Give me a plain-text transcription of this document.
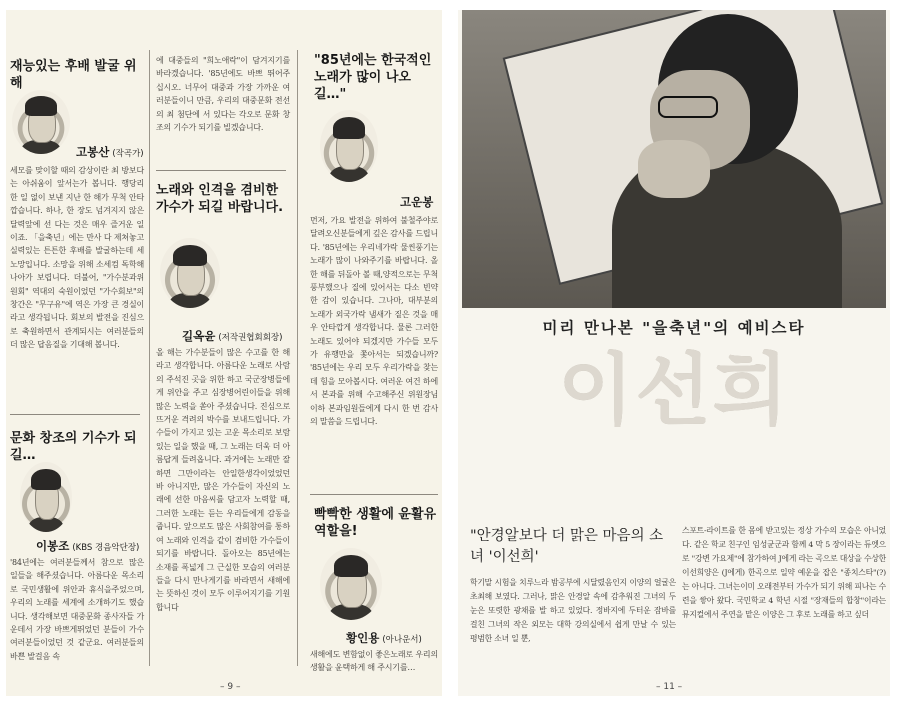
재능있는 후배 발굴 위해
고봉산 (작곡가)
세모를 맞이할 때의 감상이란 최 방보다는 아쉬움이 앞서는가 봅니다. 행당리 한 일 없이 보낸 지난 한 해가 무척 안타깝습니다. 하나, 한 장도 넘겨지지 않은 달력앞에 선 다는 것은 매우 즐거운 일이죠. 「을축년」에는 만사 다 제쳐놓고 실력있는 튼튼한 후배를 발굴하는데 세노망입니다. 소망을 위해 소세컴 독학해 나아가 보렵니다. 더불어, "가수분과위원회" 역대의 숙원이었던 "가수회보"의 창간은 "무구유"에 역은 가장 큰 경실이라고 생각됩니다. 회보의 발전을 진심으로 축원하면서 관계되시는 여러분들의 더 많은 답음질을 기대해 봅니다.
문화 창조의 기수가 되길…
이봉조 (KBS 경음악단장)
'84년에는 여러분들께서 참으로 많은 일들을 해주셨습니다. 아름다운 목소리로 국민생활에 위안과 휴식을주었으며, 우리의 노래를 세계에 소개하기도 했습니다. 생각해보면 대중문화 종사자들 가운데서 가장 바쁘게뛰었던 분들이 가수 여러분들이었던 것 같군요. 여러분들의 바쁜 발걸음 속
에 대중들의 "희노애락"이 담겨지기를 바라겠습니다. '85년에도 바쁘 뛰어주십시오. 너무어 대중과 가장 가까운 여러분들이니 만큼, 우리의 대중문화 전선의 최 첨단에 서 있다는 각오로 문화 창조의 기수가 되기를 빌겠습니다.
노래와 인격을 겸비한 가수가 되길 바랍니다.
길옥윤 (저작권협회회장)
올 해는 가수분들이 많은 수고를 한 해라고 생각합니다. 아름다운 노래로 사람의 주석진 곳을 위한 하고 국군장병들에게 위안을 주고 심장병어린이들을 위해 많은 노력을 쏟아 주셨습니다. 진심으로 뜨거운 격려의 박수를 보내드립니다. 가수들이 가지고 있는 고운 목소리로 보람있는 일을 했을 때, 그 노래는 더욱 더 아름답게 들려옵니다. 과거에는 노래만 잘 하면 그만이라는 안일한생각이었었던 바 아니지만, 많은 가수들이 자신의 노래에 선한 마음씨를 담고자 노력할 때, 그러한 노래는 듣는 우리들에게 감동을 줍니다. 앞으로도 많은 사회참여를 통하여 노래와 인격을 같이 겸비한 가수들이 되기를 바랍니다. 돌아오는 85년에는 소재를 폭넓게 그 근실한 모습의 여러분들을 다시 만나게기를 바라면서 새해에는 뜻하신 것이 모두 이루어지기를 기원합니다
"85년에는 한국적인 노래가 많이 나오길…"
고운봉
먼저, 가요 발전을 위하여 불철주야로 달려오신분들에게 깊은 감사를 드립니다. '85년에는 우리네가락 물씬풍기는 노래가 많이 나와주기를 바랍니다. 올 한 해를 뒤돌아 볼 때,양적으로는 무척 풍부했으나 질에 있어서는 다소 빈약한 감이 있습니다. 그나마, 대부분의 노래가 외국가락 냄새가 짙은 것을 매우 안타깝게 생각합니다. 물론 그러한 노래도 있어야 되겠지만 가수들 모두가 유행만을 쫓아서는 되겠습니까? '85년에는 우리 모두 우리가락을 찾는데 힘을 모아봅시다. 여러운 여건 하에서 본과를 위해 수고해주신 위원장님 이하 본과임원들에게 다시 한 번 감사의 말씀을 드립니다.
빡빡한 생활에 윤활유 역할을!
황인용 (아나운서)
새해에도 변함없이 좋은노래로 우리의 생활을 윤택하게 해 주시기를…
– 9 –
미리 만나본 "을축년"의 예비스타
이선희
"안경알보다 더 맑은 마음의 소녀 '이선희'
학기말 시험을 치루느라 밤공부에 시달렸음인지 이양의 얼굴은 초최해 보였다. 그러나, 맑은 안경알 속에 감추워진 그녀의 두눈은 또렷한 광채를 발 하고 있었다. 정바지에 두터운 잠바를 걸친 그녀의 작은 외모는 대학 강의실에서 쉽게 만날 수 있는 평범한 소녀 일 뿐,
스포트-라이트를 한 몸에 받고있는 정상 가수의 모습은 아니었다. 같은 학교 친구인 임성균군과 함께 4 막 5 장이라는 듀엣으로 "강변 가요제"에 참가하여 J에게 라는 곡으로 대상을 수상한 이선희양은 (J에게) 한곡으로 일약 예운을 잡은 "종치스타"(?)는 아니다. 그녀는이미 오래전부터 가수가 되기 위해 피나는 수련을 쌓아 왔다. 국민학교 4 학년 시절 "장재들의 합창"이라는 뮤지컬에서 주연을 맡은 이양은 그 후로 노래를 하고 싶더
– 11 –
